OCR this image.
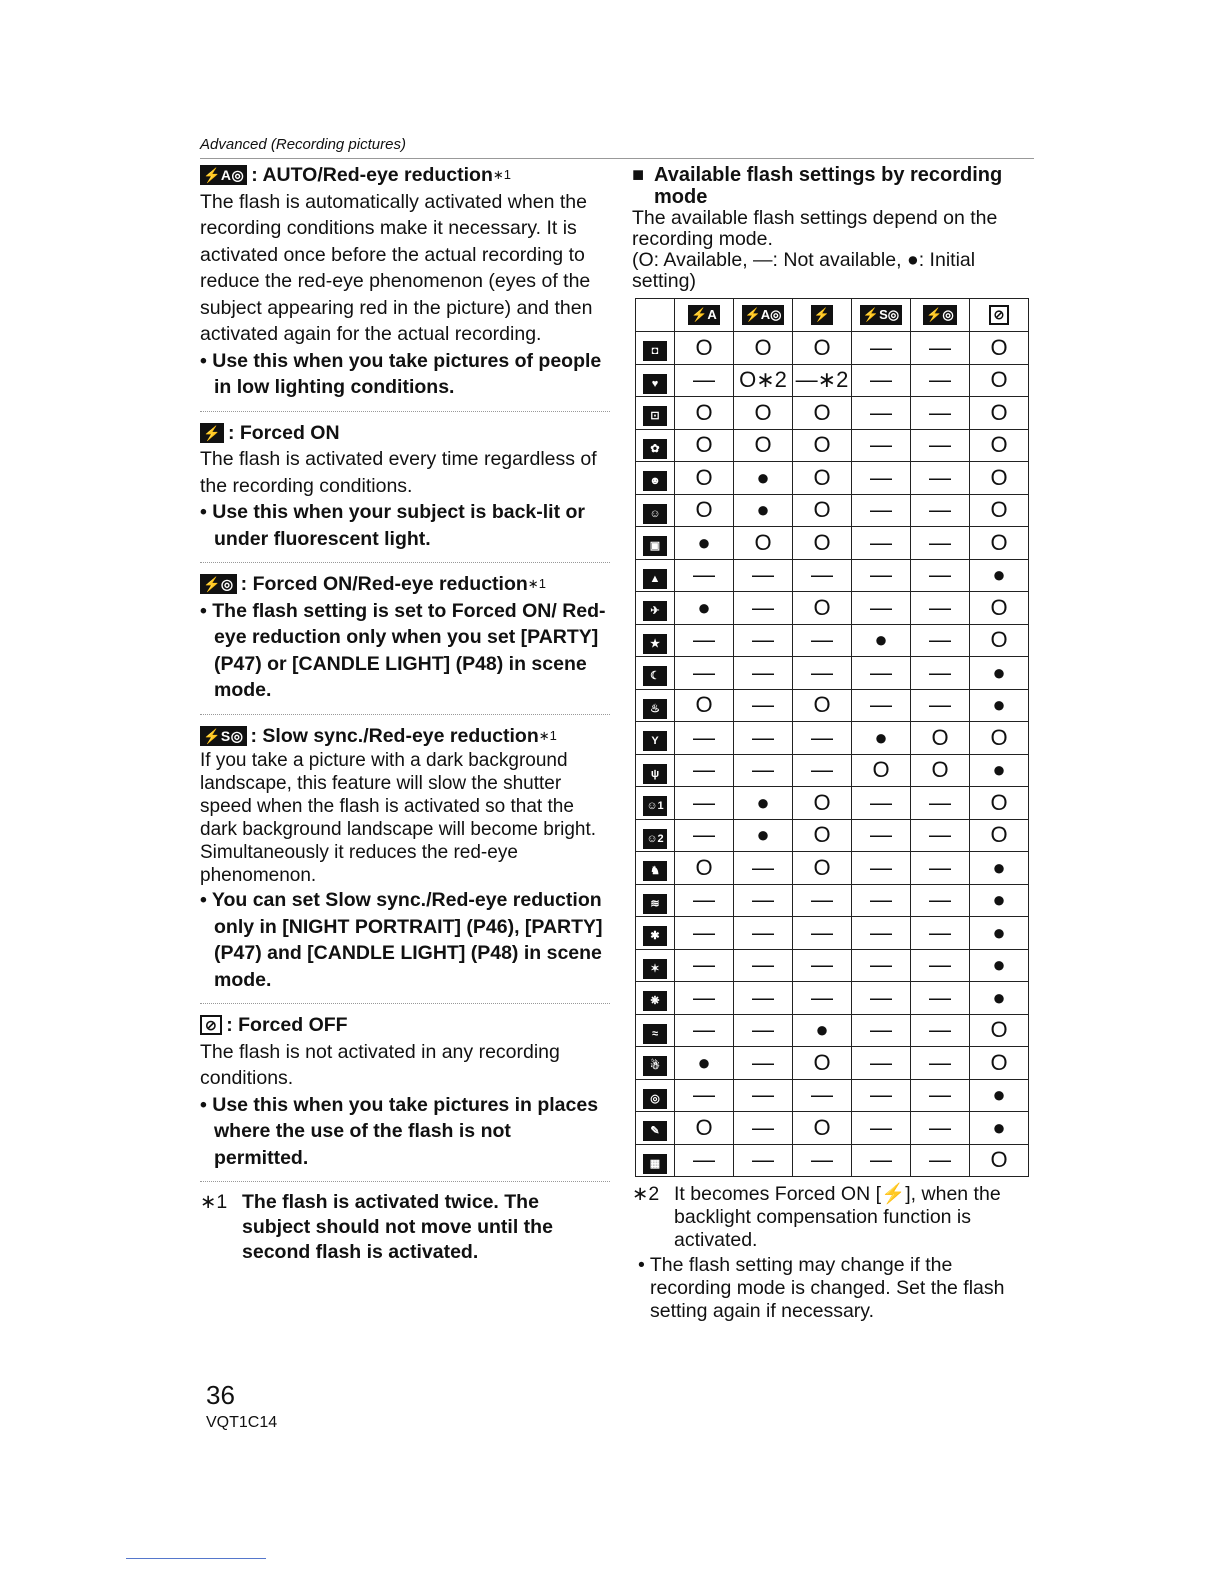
Advanced (Recording pictures)
⚡A◎ : AUTO/Red-eye reduction ∗1
The flash is automatically activated when the recording conditions make it necessary. It is activated once before the actual recording to reduce the red-eye phenomenon (eyes of the subject appearing red in the picture) and then activated again for the actual recording.
• Use this when you take pictures of people in low lighting conditions.
⚡ : Forced ON
The flash is activated every time regardless of the recording conditions.
• Use this when your subject is back-lit or under fluorescent light.
⚡◎ : Forced ON/Red-eye reduction ∗1
• The flash setting is set to Forced ON/ Red-eye reduction only when you set [PARTY] (P47) or [CANDLE LIGHT] (P48) in scene mode.
⚡S◎ : Slow sync./Red-eye reduction ∗1
If you take a picture with a dark background landscape, this feature will slow the shutter speed when the flash is activated so that the dark background landscape will become bright. Simultaneously it reduces the red-eye phenomenon.
• You can set Slow sync./Red-eye reduction only in [NIGHT PORTRAIT] (P46), [PARTY] (P47) and [CANDLE LIGHT] (P48) in scene mode.
⊘ : Forced OFF
The flash is not activated in any recording conditions.
• Use this when you take pictures in places where the use of the flash is not permitted.
∗1 The flash is activated twice. The subject should not move until the second flash is activated.
■ Available flash settings by recording mode
The available flash settings depend on the recording mode.
(O: Available, —: Not available, ●: Initial setting)
	⚡A	⚡A◎	⚡	⚡S◎	⚡◎	⊘
◘	O	O	O	—	—	O
♥	—	O∗2	—∗2	—	—	O
⊡	O	O	O	—	—	O
✿	O	O	O	—	—	O
☻	O	●	O	—	—	O
☺	O	●	O	—	—	O
▣	●	O	O	—	—	O
▲	—	—	—	—	—	●
✈	●	—	O	—	—	O
★	—	—	—	●	—	O
☾	—	—	—	—	—	●
♨	O	—	O	—	—	●
Y	—	—	—	●	O	O
ψ	—	—	—	O	O	●
☺1	—	●	O	—	—	O
☺2	—	●	O	—	—	O
♞	O	—	O	—	—	●
≋	—	—	—	—	—	●
✱	—	—	—	—	—	●
✶	—	—	—	—	—	●
❋	—	—	—	—	—	●
≈	—	—	●	—	—	O
☃	●	—	O	—	—	O
◎	—	—	—	—	—	●
✎	O	—	O	—	—	●
▦	—	—	—	—	—	O
∗2 It becomes Forced ON [⚡], when the backlight compensation function is activated.
• The flash setting may change if the recording mode is changed. Set the flash setting again if necessary.
36
VQT1C14
